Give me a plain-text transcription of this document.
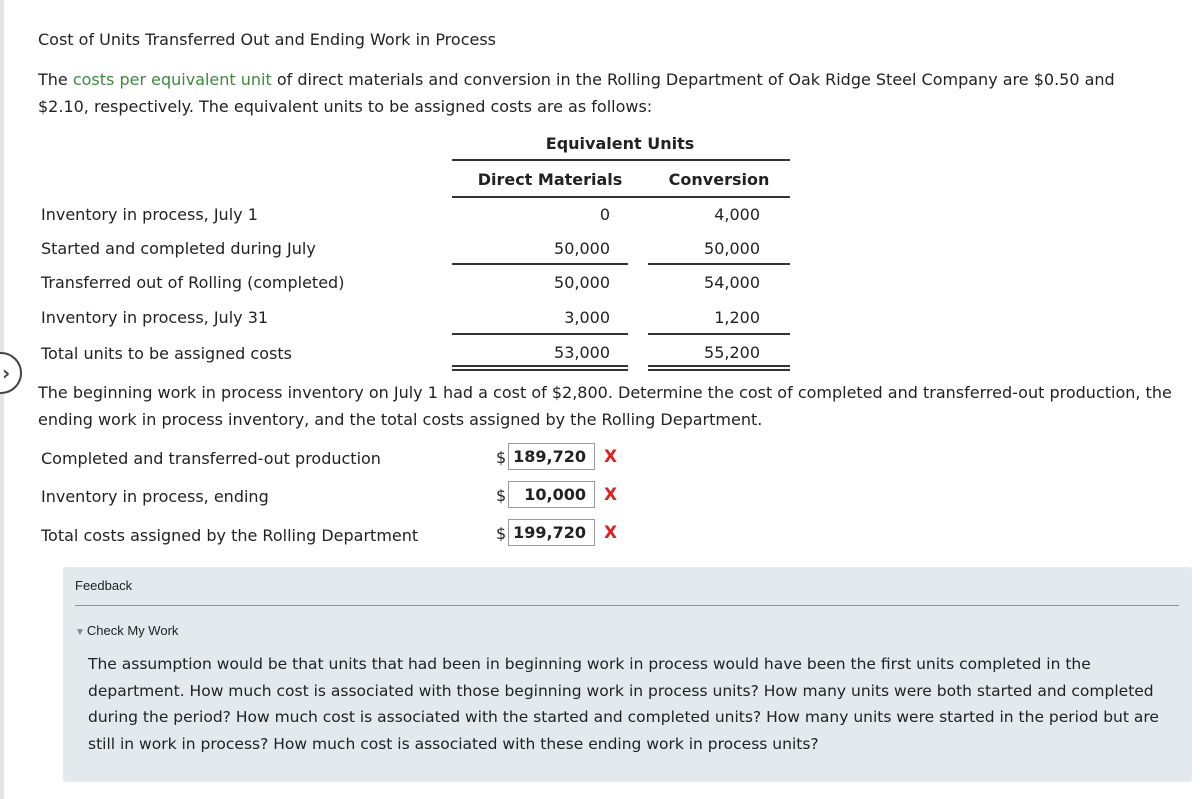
›
Cost of Units Transferred Out and Ending Work in Process
The costs per equivalent unit of direct materials and conversion in the Rolling Department of Oak Ridge Steel Company are $0.50 and $2.10, respectively. The equivalent units to be assigned costs are as follows:
Equivalent Units
Direct Materials	Conversion
Inventory in process, July 1	0	4,000
Started and completed during July	50,000	50,000
Transferred out of Rolling (completed)	50,000	54,000
Inventory in process, July 31	3,000	1,200
Total units to be assigned costs	53,000	55,200
The beginning work in process inventory on July 1 had a cost of $2,800. Determine the cost of completed and transferred-out production, the ending work in process inventory, and the total costs assigned by the Rolling Department.
Completed and transferred-out production	$ 189,720	X
Inventory in process, ending	$	10,000	X
Total costs assigned by the Rolling Department	$ 199,720	X
Feedback
▼ Check My Work
The assumption would be that units that had been in beginning work in process would have been the first units completed in the department. How much cost is associated with those beginning work in process units? How many units were both started and completed during the period? How much cost is associated with the started and completed units? How many units were started in the period but are still in work in process? How much cost is associated with these ending work in process units?
